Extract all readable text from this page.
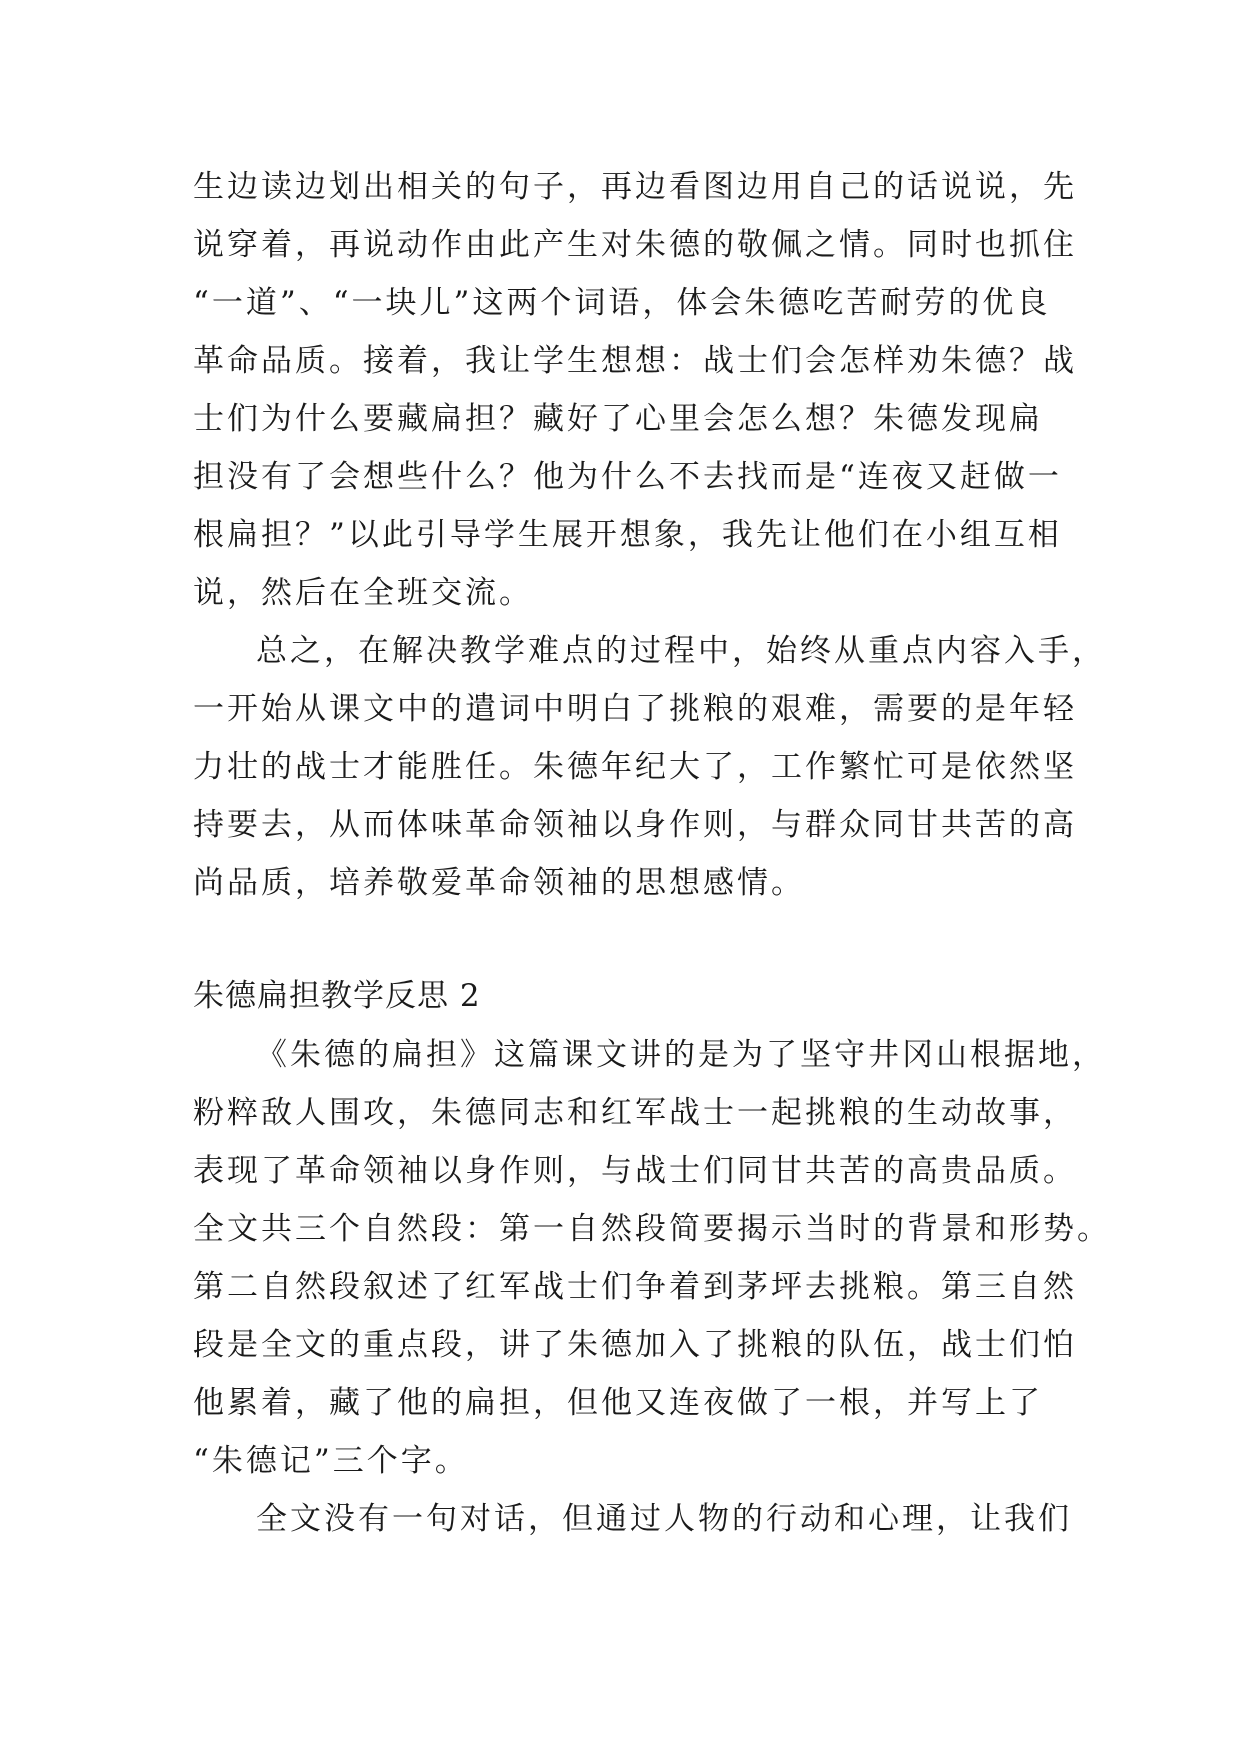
生边读边划出相关的句子，再边看图边用自己的话说说，先
说穿着，再说动作由此产生对朱德的敬佩之情。同时也抓住
“一道”、“一块儿”这两个词语，体会朱德吃苦耐劳的优良
革命品质。接着，我让学生想想：战士们会怎样劝朱德？战
士们为什么要藏扁担？藏好了心里会怎么想？朱德发现扁
担没有了会想些什么？他为什么不去找而是“连夜又赶做一
根扁担？”以此引导学生展开想象，我先让他们在小组互相
说，然后在全班交流。
总之，在解决教学难点的过程中，始终从重点内容入手，
一开始从课文中的遣词中明白了挑粮的艰难，需要的是年轻
力壮的战士才能胜任。朱德年纪大了，工作繁忙可是依然坚
持要去，从而体味革命领袖以身作则，与群众同甘共苦的高
尚品质，培养敬爱革命领袖的思想感情。
朱德扁担教学反思 2
《朱德的扁担》这篇课文讲的是为了坚守井冈山根据地，
粉粹敌人围攻，朱德同志和红军战士一起挑粮的生动故事，
表现了革命领袖以身作则，与战士们同甘共苦的高贵品质。
全文共三个自然段：第一自然段简要揭示当时的背景和形势。
第二自然段叙述了红军战士们争着到茅坪去挑粮。第三自然
段是全文的重点段，讲了朱德加入了挑粮的队伍，战士们怕
他累着，藏了他的扁担，但他又连夜做了一根，并写上了
“朱德记”三个字。
全文没有一句对话，但通过人物的行动和心理，让我们
